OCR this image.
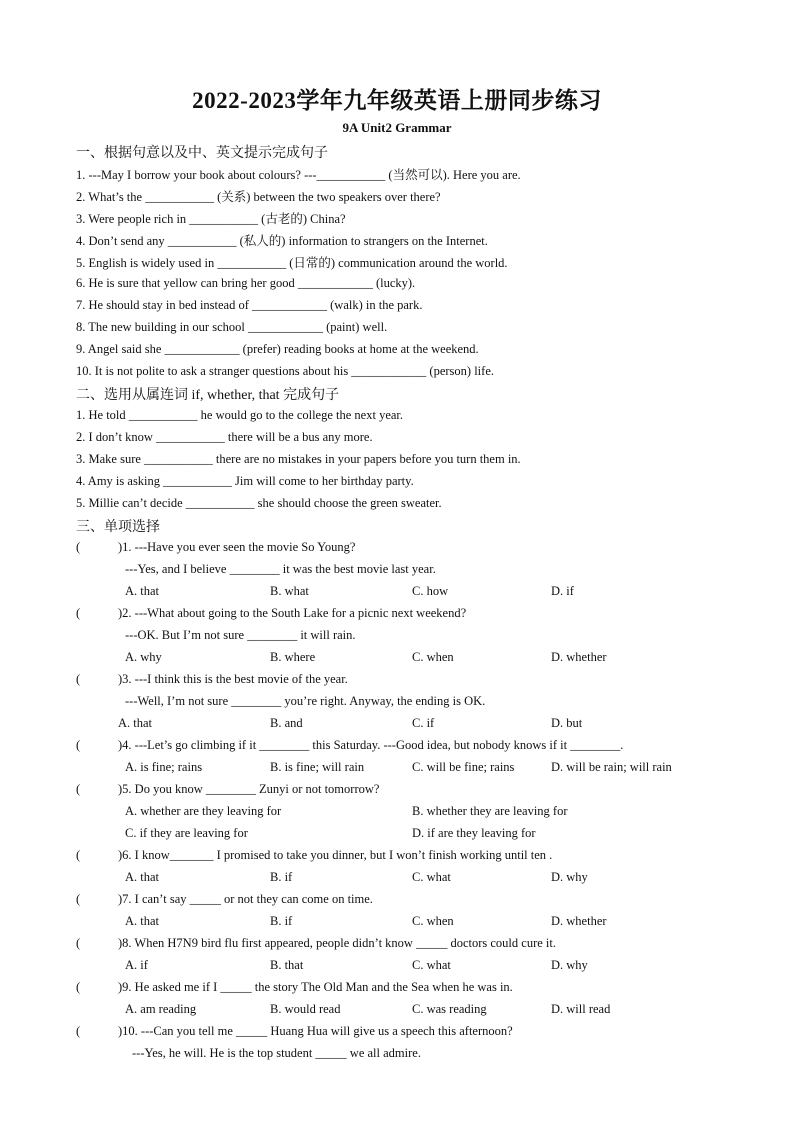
2022-2023学年九年级英语上册同步练习
9A Unit2 Grammar
一、根据句意以及中、英文提示完成句子
1. ---May I borrow your book about colours? ---___________ (当然可以). Here you are.
2. What’s the ___________ (关系) between the two speakers over there?
3. Were people rich in ___________ (古老的) China?
4. Don’t send any ___________ (私人的) information to strangers on the Internet.
5. English is widely used in ___________ (日常的) communication around the world.
6. He is sure that yellow can bring her good ____________ (lucky).
7. He should stay in bed instead of ____________ (walk) in the park.
8. The new building in our school ____________ (paint) well.
9. Angel said she ____________ (prefer) reading books at home at the weekend.
10. It is not polite to ask a stranger questions about his ____________ (person) life.
二、选用从属连词 if, whether, that 完成句子
1. He told ___________ he would go to the college the next year.
2. I don’t know ___________ there will be a bus any more.
3. Make sure ___________ there are no mistakes in your papers before you turn them in.
4. Amy is asking ___________ Jim will come to her birthday party.
5. Millie can’t decide ___________ she should choose the green sweater.
三、单项选择
(	)1. ---Have you ever seen the movie So Young?
---Yes, and I believe ________ it was the best movie last year.
A. that	B. what	C. how	D. if
(	)2. ---What about going to the South Lake for a picnic next weekend?
---OK. But I’m not sure ________ it will rain.
A. why	B. where	C. when	D. whether
(	)3. ---I think this is the best movie of the year.
---Well, I’m not sure ________ you’re right. Anyway, the ending is OK.
A. that	B. and	C. if	D. but
(	)4. ---Let’s go climbing if it ________ this Saturday. ---Good idea, but nobody knows if it ________.
A. is fine; rains	B. is fine; will rain	C. will be fine; rains	D. will be rain; will rain
(	)5. Do you know ________ Zunyi or not tomorrow?
A. whether are they leaving for	B. whether they are leaving for
C. if they are leaving for	D. if are they leaving for
(	)6. I know_______ I promised to take you dinner, but I won’t finish working until ten .
A. that	B. if	C. what	D. why
(	)7. I can’t say _____ or not they can come on time.
A. that	B. if	C. when	D. whether
(	)8. When H7N9 bird flu first appeared, people didn’t know _____ doctors could cure it.
A. if	B. that	C. what	D. why
(	)9. He asked me if I _____ the story The Old Man and the Sea when he was in.
A. am reading	B. would read	C. was reading	D. will read
(	)10. ---Can you tell me _____ Huang Hua will give us a speech this afternoon?
---Yes, he will. He is the top student _____ we all admire.
